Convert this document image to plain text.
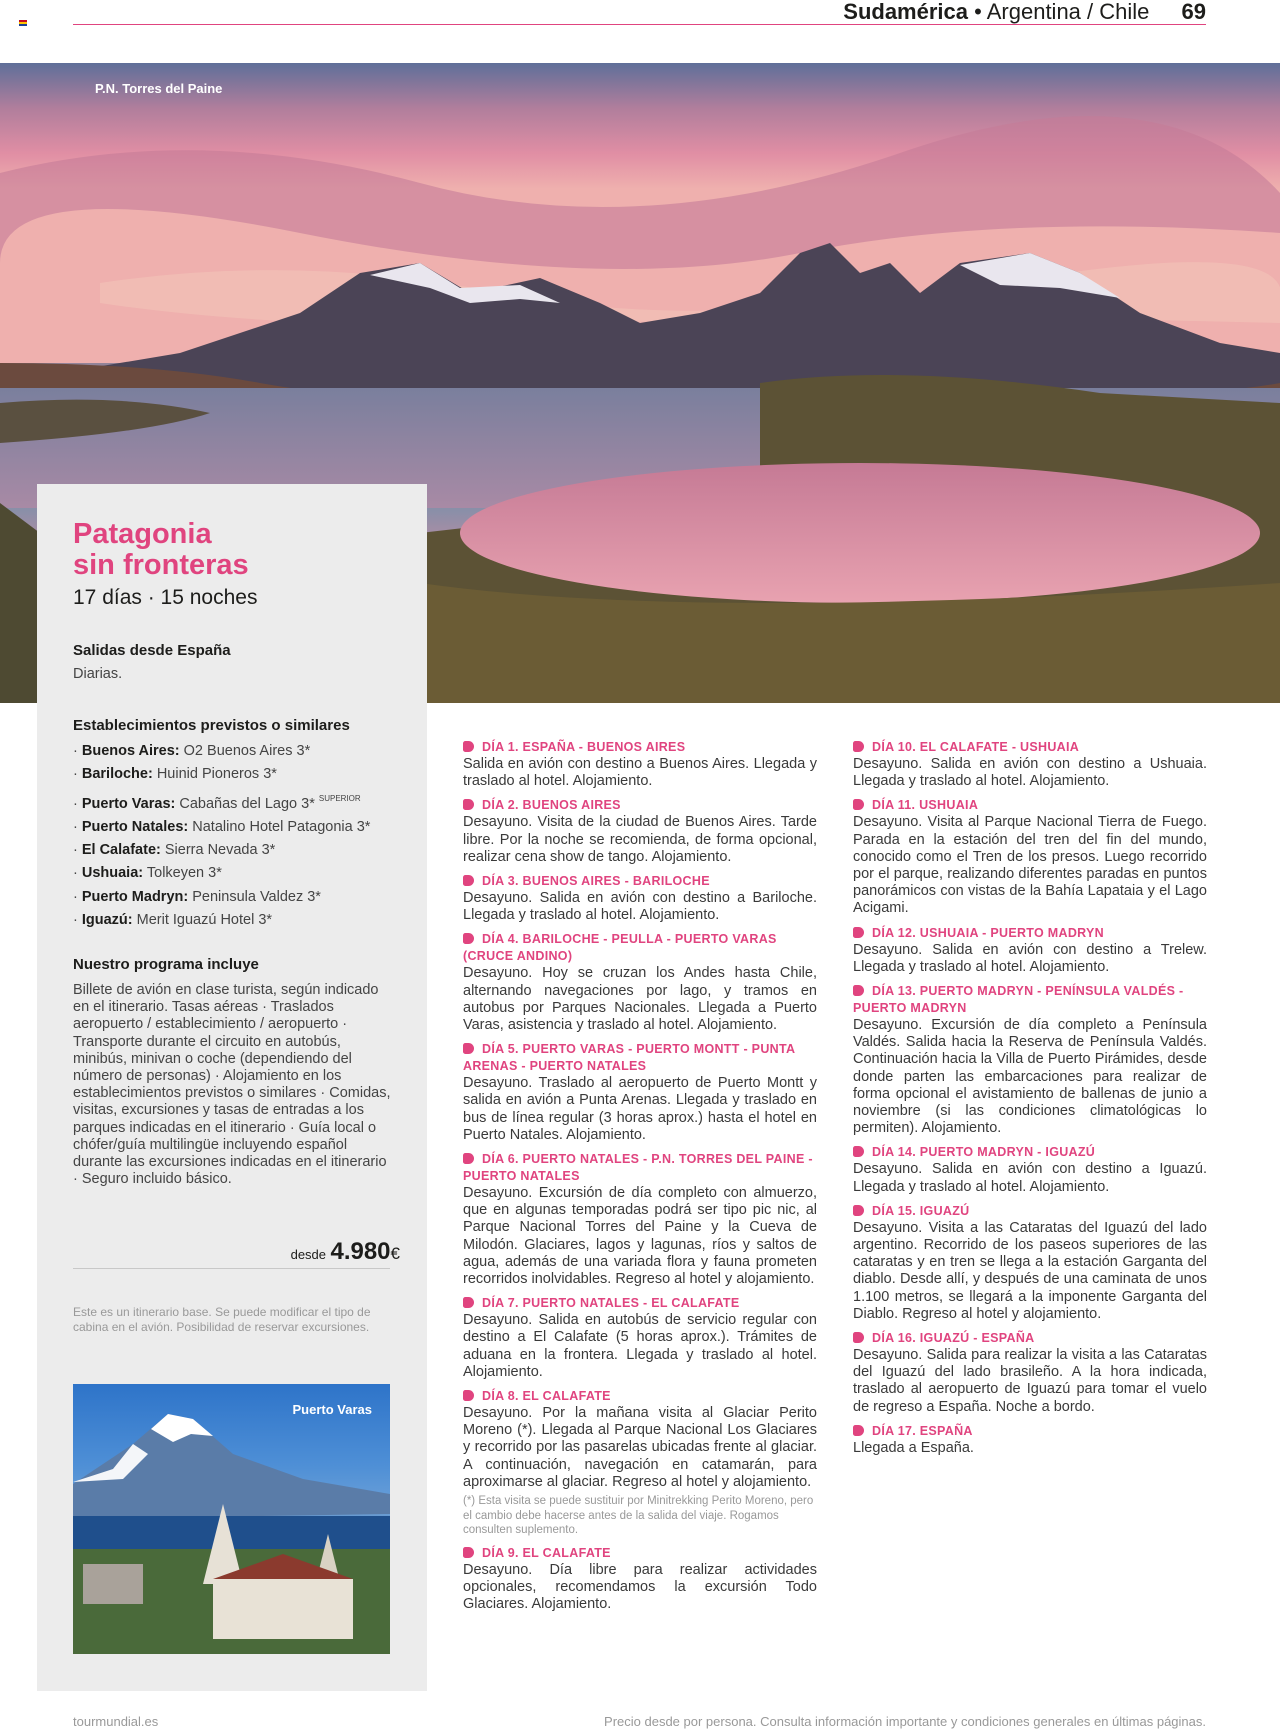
Sudamérica • Argentina / Chile 69
P.N. Torres del Paine
Patagonia
sin fronteras
17 días · 15 noches
Salidas desde España
Diarias.
Establecimientos previstos o similares
· Buenos Aires: O2 Buenos Aires 3*
· Bariloche: Huinid Pioneros 3*
· Puerto Varas: Cabañas del Lago 3* $^{SUPERIOR}$
· Puerto Natales: Natalino Hotel Patagonia 3*
· El Calafate: Sierra Nevada 3*
· Ushuaia: Tolkeyen 3*
· Puerto Madryn: Peninsula Valdez 3*
· Iguazú: Merit Iguazú Hotel 3*
Nuestro programa incluye
Billete de avión en clase turista, según indicado en el itinerario. Tasas aéreas · Traslados aeropuerto / establecimiento / aeropuerto · Transporte durante el circuito en autobús, minibús, minivan o coche (dependiendo del número de personas) · Alojamiento en los establecimientos previstos o similares · Comidas, visitas, excursiones y tasas de entradas a los parques indicadas en el itinerario · Guía local o chófer/guía multilingüe incluyendo español durante las excursiones indicadas en el itinerario · Seguro incluido básico.
desde 4.980€
Este es un itinerario base. Se puede modificar el tipo de cabina en el avión. Posibilidad de reservar excursiones.
Puerto Varas
DÍA 1. ESPAÑA - BUENOS AIRES
Salida en avión con destino a Buenos Aires. Llegada y traslado al hotel. Alojamiento.
DÍA 2. BUENOS AIRES
Desayuno. Visita de la ciudad de Buenos Aires. Tarde libre. Por la noche se recomienda, de forma opcional, realizar cena show de tango. Alojamiento.
DÍA 3. BUENOS AIRES - BARILOCHE
Desayuno. Salida en avión con destino a Bariloche. Llegada y traslado al hotel. Alojamiento.
DÍA 4. BARILOCHE - PEULLA - PUERTO VARAS (CRUCE ANDINO)
Desayuno. Hoy se cruzan los Andes hasta Chile, alternando navegaciones por lago, y tramos en autobus por Parques Nacionales. Llegada a Puerto Varas, asistencia y traslado al hotel. Alojamiento.
DÍA 5. PUERTO VARAS - PUERTO MONTT - PUNTA ARENAS - PUERTO NATALES
Desayuno. Traslado al aeropuerto de Puerto Montt y salida en avión a Punta Arenas. Llegada y traslado en bus de línea regular (3 horas aprox.) hasta el hotel en Puerto Natales. Alojamiento.
DÍA 6. PUERTO NATALES - P.N. TORRES DEL PAINE - PUERTO NATALES
Desayuno. Excursión de día completo con almuerzo, que en algunas temporadas podrá ser tipo pic nic, al Parque Nacional Torres del Paine y la Cueva de Milodón. Glaciares, lagos y lagunas, ríos y saltos de agua, además de una variada flora y fauna prometen recorridos inolvidables. Regreso al hotel y alojamiento.
DÍA 7. PUERTO NATALES - EL CALAFATE
Desayuno. Salida en autobús de servicio regular con destino a El Calafate (5 horas aprox.). Trámites de aduana en la frontera. Llegada y traslado al hotel. Alojamiento.
DÍA 8. EL CALAFATE
Desayuno. Por la mañana visita al Glaciar Perito Moreno (*). Llegada al Parque Nacional Los Glaciares y recorrido por las pasarelas ubicadas frente al glaciar. A continuación, navegación en catamarán, para aproximarse al glaciar. Regreso al hotel y alojamiento.
(*) Esta visita se puede sustituir por Minitrekking Perito Moreno, pero el cambio debe hacerse antes de la salida del viaje. Rogamos consulten suplemento.
DÍA 9. EL CALAFATE
Desayuno. Día libre para realizar actividades opcionales, recomendamos la excursión Todo Glaciares. Alojamiento.
DÍA 10. EL CALAFATE - USHUAIA
Desayuno. Salida en avión con destino a Ushuaia. Llegada y traslado al hotel. Alojamiento.
DÍA 11. USHUAIA
Desayuno. Visita al Parque Nacional Tierra de Fuego. Parada en la estación del tren del fin del mundo, conocido como el Tren de los presos. Luego recorrido por el parque, realizando diferentes paradas en puntos panorámicos con vistas de la Bahía Lapataia y el Lago Acigami.
DÍA 12. USHUAIA - PUERTO MADRYN
Desayuno. Salida en avión con destino a Trelew. Llegada y traslado al hotel. Alojamiento.
DÍA 13. PUERTO MADRYN - PENÍNSULA VALDÉS - PUERTO MADRYN
Desayuno. Excursión de día completo a Península Valdés. Salida hacia la Reserva de Península Valdés. Continuación hacia la Villa de Puerto Pirámides, desde donde parten las embarcaciones para realizar de forma opcional el avistamiento de ballenas de junio a noviembre (si las condiciones climatológicas lo permiten). Alojamiento.
DÍA 14. PUERTO MADRYN - IGUAZÚ
Desayuno. Salida en avión con destino a Iguazú. Llegada y traslado al hotel. Alojamiento.
DÍA 15. IGUAZÚ
Desayuno. Visita a las Cataratas del Iguazú del lado argentino. Recorrido de los paseos superiores de las cataratas y en tren se llega a la estación Garganta del diablo. Desde allí, y después de una caminata de unos 1.100 metros, se llegará a la imponente Garganta del Diablo. Regreso al hotel y alojamiento.
DÍA 16. IGUAZÚ - ESPAÑA
Desayuno. Salida para realizar la visita a las Cataratas del Iguazú del lado brasileño. A la hora indicada, traslado al aeropuerto de Iguazú para tomar el vuelo de regreso a España. Noche a bordo.
DÍA 17. ESPAÑA
Llegada a España.
tourmundial.es	Precio desde por persona. Consulta información importante y condiciones generales en últimas páginas.
